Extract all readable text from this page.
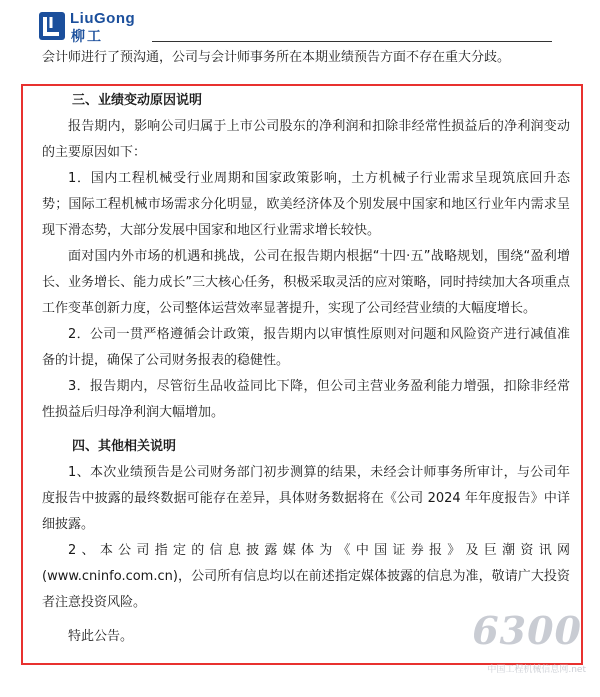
LiuGong
柳工
会计师进行了预沟通，公司与会计师事务所在本期业绩预告方面不存在重大分歧。

三、业绩变动原因说明

报告期内，影响公司归属于上市公司股东的净利润和扣除非经常性损益后的净利润变动的主要原因如下：

1．国内工程机械受行业周期和国家政策影响，土方机械子行业需求呈现筑底回升态势；国际工程机械市场需求分化明显，欧美经济体及个别发展中国家和地区行业年内需求呈现下滑态势，大部分发展中国家和地区行业需求增长较快。

面对国内外市场的机遇和挑战，公司在报告期内根据“十四·五”战略规划，围绕“盈利增长、业务增长、能力成长”三大核心任务，积极采取灵活的应对策略，同时持续加大各项重点工作变革创新力度，公司整体运营效率显著提升，实现了公司经营业绩的大幅度增长。

2．公司一贯严格遵循会计政策，报告期内以审慎性原则对问题和风险资产进行减值准备的计提，确保了公司财务报表的稳健性。

3．报告期内，尽管衍生品收益同比下降，但公司主营业务盈利能力增强，扣除非经常性损益后归母净利润大幅增加。

四、其他相关说明

1、本次业绩预告是公司财务部门初步测算的结果，未经会计师事务所审计，与公司年度报告中披露的最终数据可能存在差异，具体财务数据将在《公司 2024 年年度报告》中详细披露。

2、本公司指定的信息披露媒体为《中国证券报》及巨潮资讯网(www.cninfo.com.cn)，公司所有信息均以在前述指定媒体披露的信息为准，敬请广大投资者注意投资风险。

特此公告。	6300
中国工程机械信息网.net
